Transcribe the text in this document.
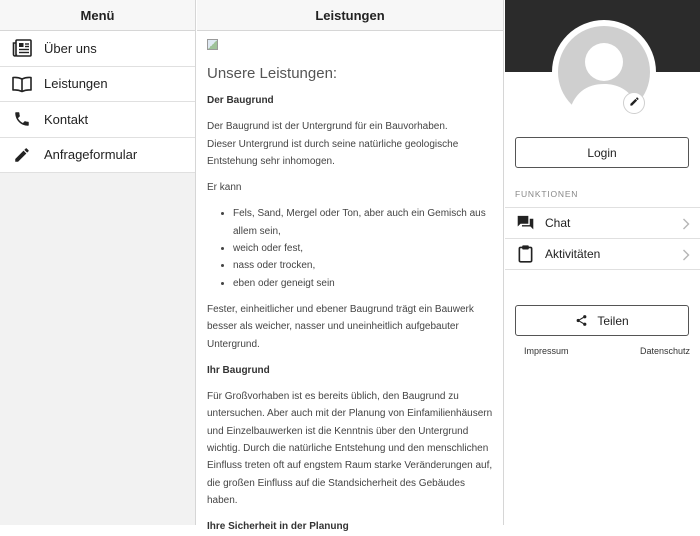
Menü
Über uns
Leistungen
Kontakt
Anfrageformular
Leistungen
Unsere Leistungen:
Der Baugrund

Der Baugrund ist der Untergrund für ein Bauvorhaben.
Dieser Untergrund ist durch seine natürliche geologische Entstehung sehr inhomogen.

Er kann

• Fels, Sand, Mergel oder Ton, aber auch ein Gemisch aus allem sein,
• weich oder fest,
• nass oder trocken,
• eben oder geneigt sein

Fester, einheitlicher und ebener Baugrund trägt ein Bauwerk besser als weicher, nasser und uneinheitlich aufgebauter Untergrund.

Ihr Baugrund

Für Großvorhaben ist es bereits üblich, den Baugrund zu untersuchen. Aber auch mit der Planung von Einfamilienhäusern und Einzelbauwerken ist die Kenntnis über den Untergrund wichtig. Durch die natürliche Entstehung und den menschlichen Einfluss treten oft auf engstem Raum starke Veränderungen auf, die großen Einfluss auf die Standsicherheit des Gebäudes haben.

Ihre Sicherheit in der Planung
Login
FUNKTIONEN
Chat
Aktivitäten
Teilen
Impressum	Datenschutz
